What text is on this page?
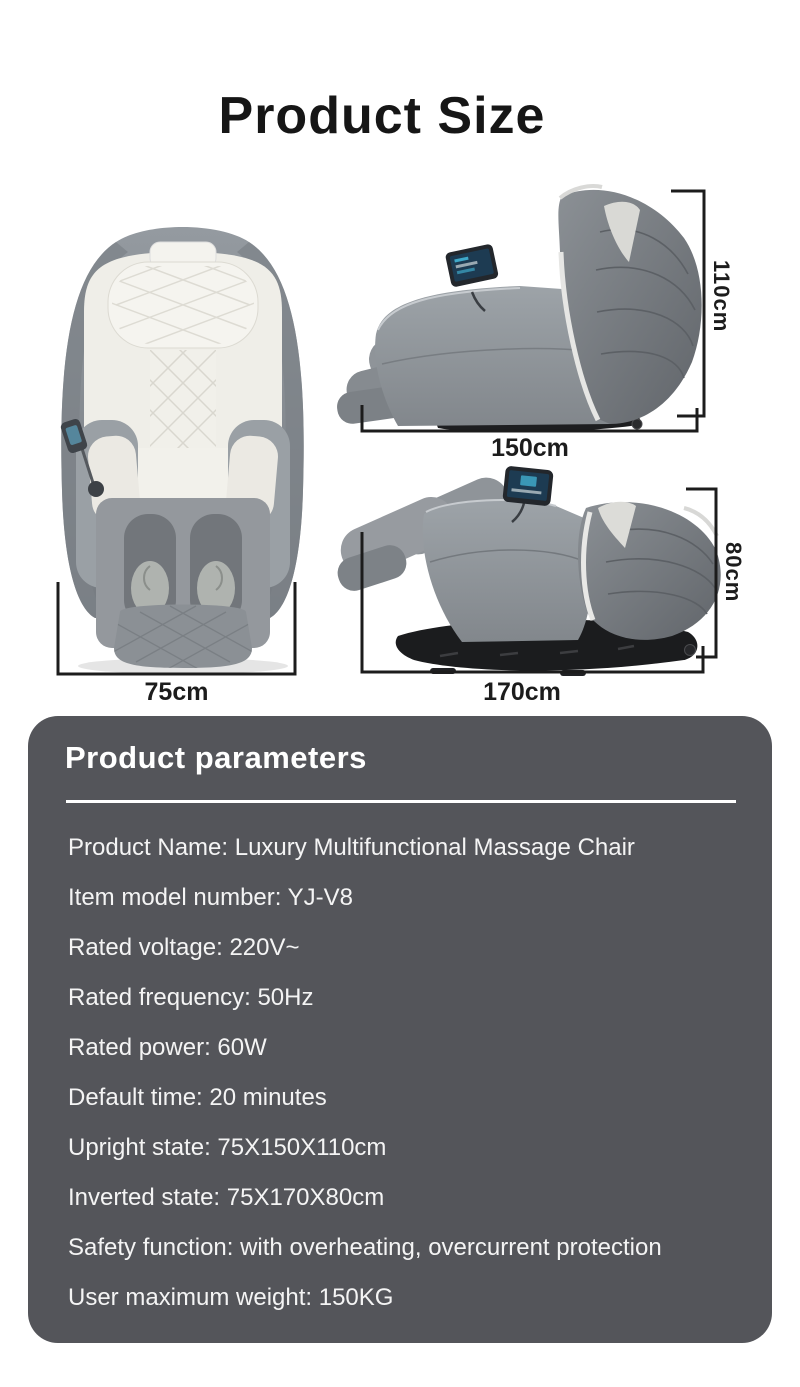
Product Size
75cm
150cm
110cm
170cm
80cm
Product parameters
Product Name: Luxury Multifunctional Massage Chair
Item model number: YJ-V8
Rated voltage: 220V~
Rated frequency: 50Hz
Rated power: 60W
Default time: 20 minutes
Upright state: 75X150X110cm
Inverted state: 75X170X80cm
Safety function: with overheating, overcurrent protection
User maximum weight: 150KG
